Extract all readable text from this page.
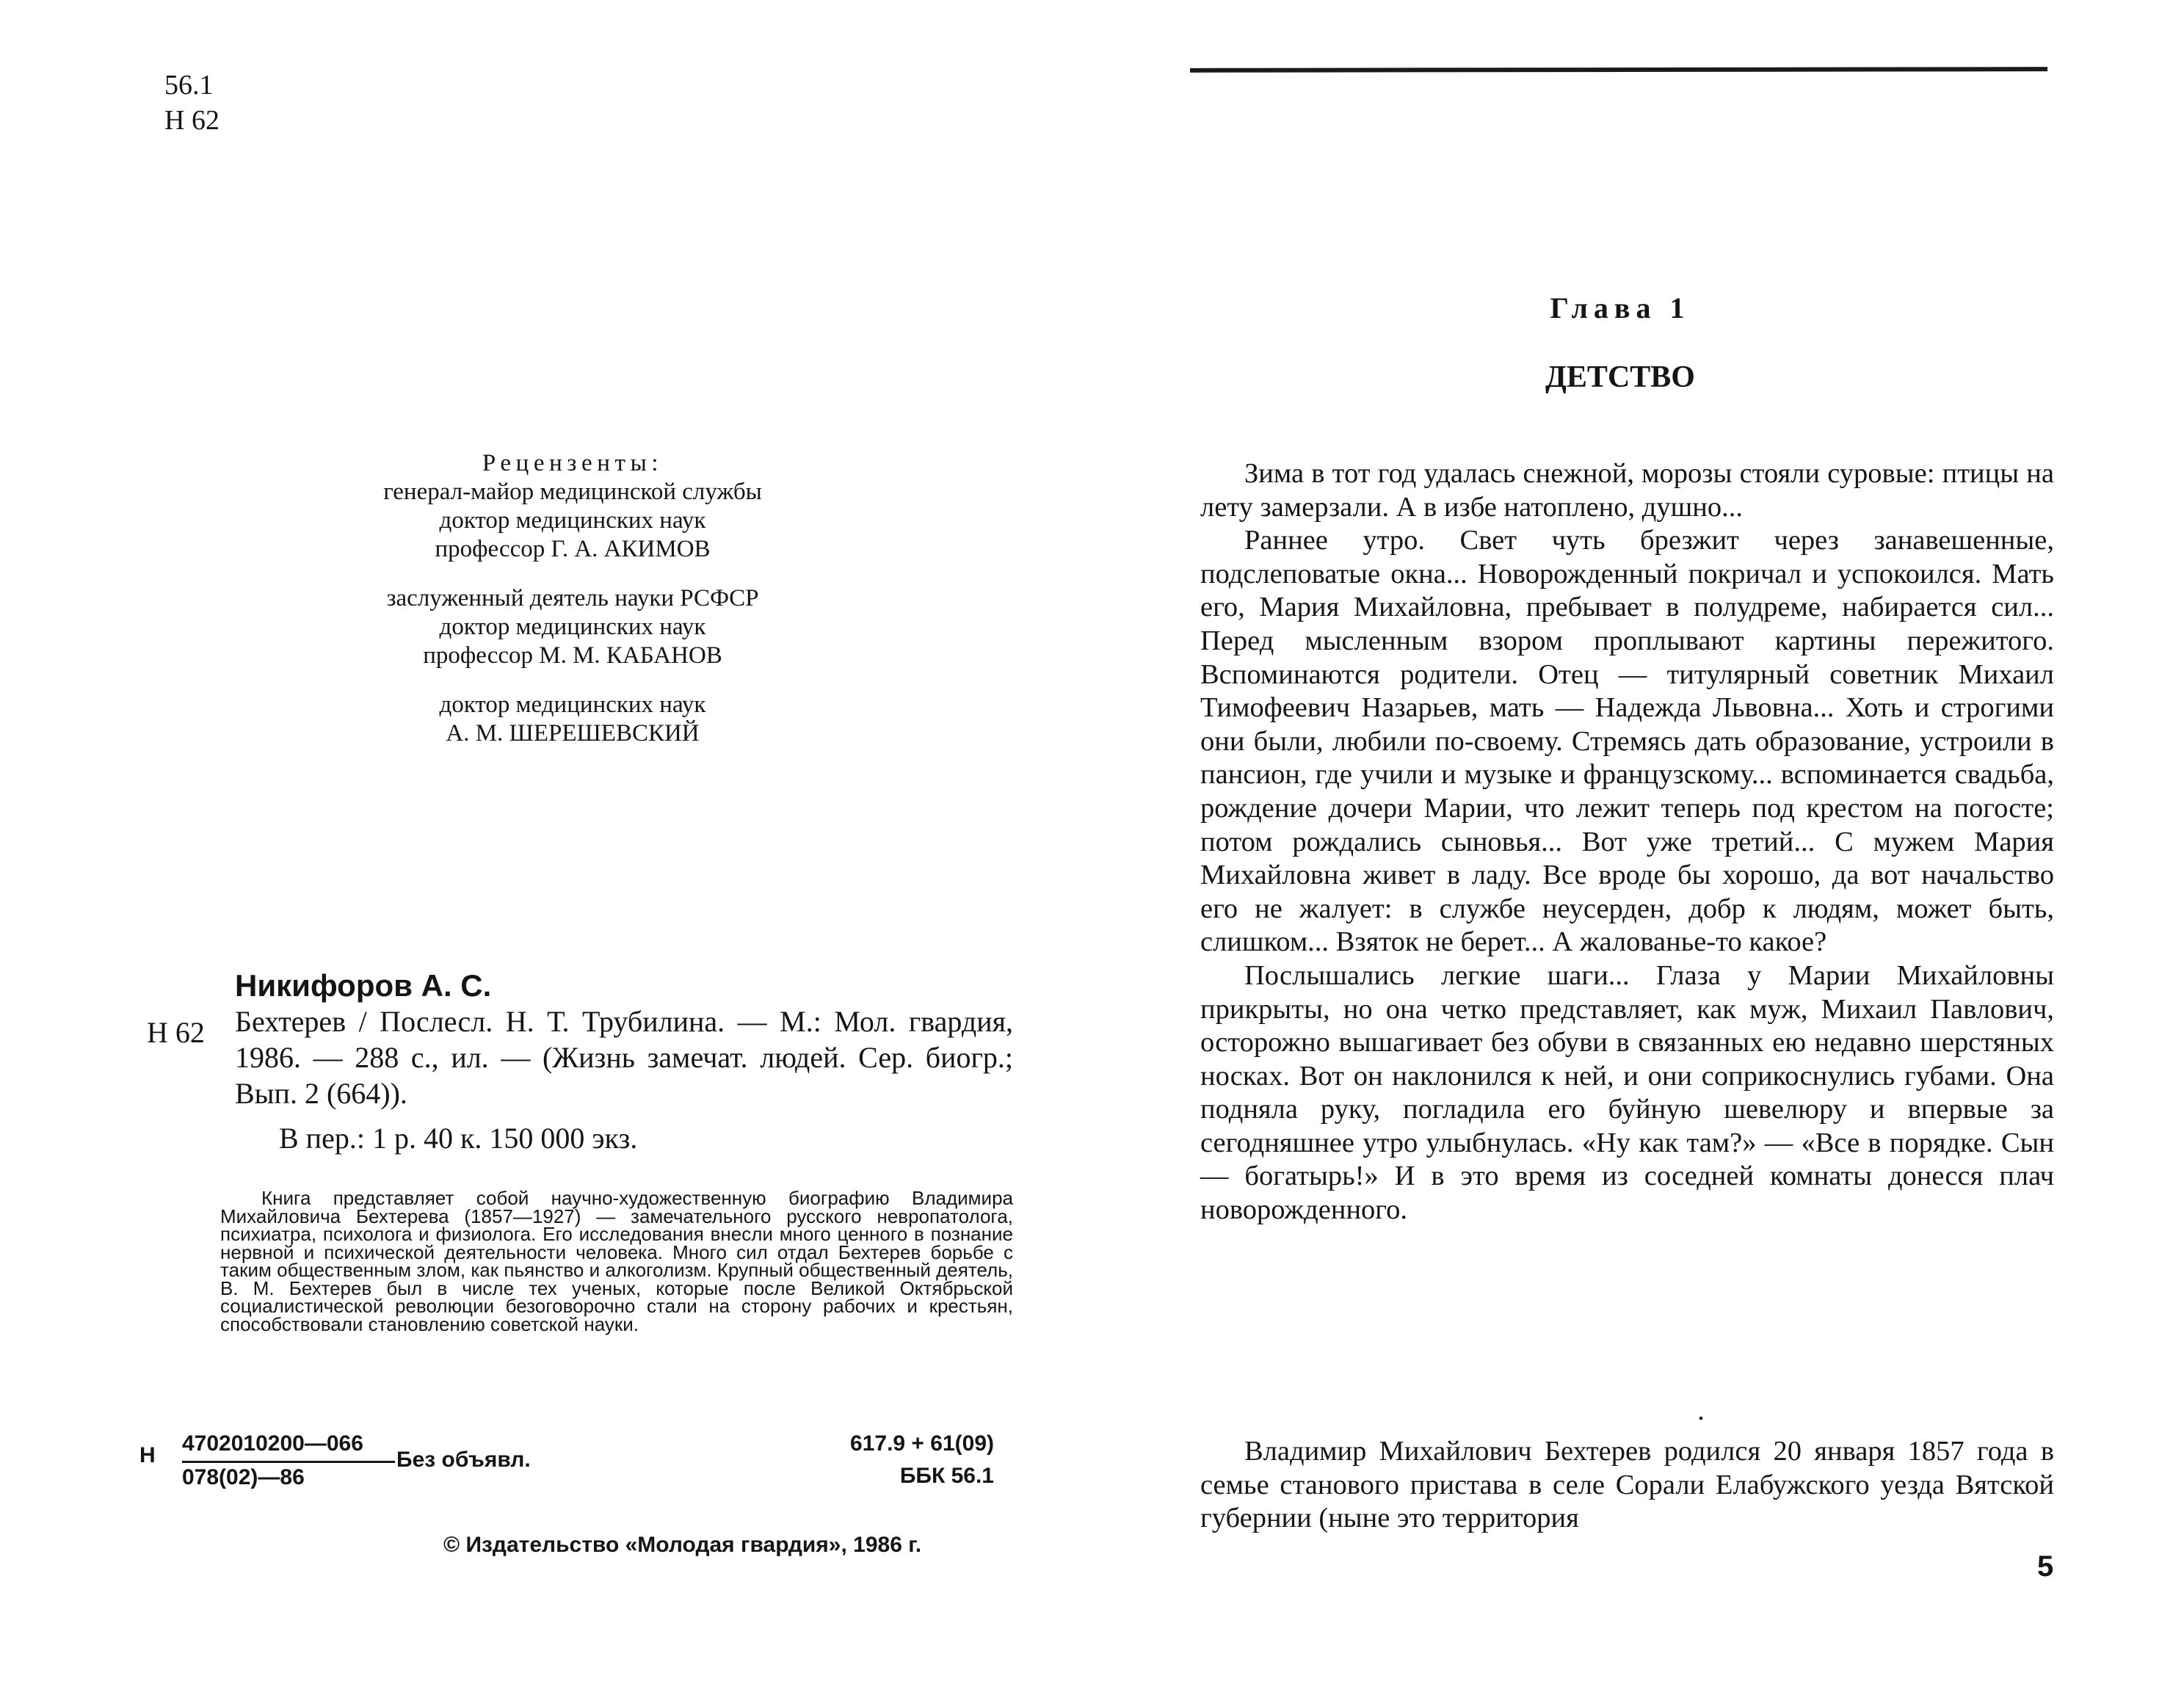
56.1
Н 62
Рецензенты:
генерал-майор медицинской службы
доктор медицинских наук
профессор Г. А. АКИМОВ
заслуженный деятель науки РСФСР
доктор медицинских наук
профессор М. М. КАБАНОВ
доктор медицинских наук
А. М. ШЕРЕШЕВСКИЙ
Никифоров А. С.
Н 62 Бехтерев / Послесл. Н. Т. Трубилина. — М.: Мол. гвардия, 1986. — 288 с., ил. — (Жизнь замечат. людей. Сер. биогр.; Вып. 2 (664)).
В пер.: 1 р. 40 к. 150 000 экз.
Книга представляет собой научно-художественную биографию Владимира Михайловича Бехтерева (1857—1927) — замечательного русского невропатолога, психиатра, психолога и физиолога. Его исследования внесли много ценного в познание нервной и психической деятельности человека. Много сил отдал Бехтерев борьбе с таким общественным злом, как пьянство и алкоголизм. Крупный общественный деятель, В. М. Бехтерев был в числе тех ученых, которые после Великой Октябрьской социалистической революции безоговорочно стали на сторону рабочих и крестьян, способствовали становлению советской науки.
Н 4702010200—066
078(02)—86
Без объявл.
617.9 + 61(09)
ББК 56.1
© Издательство «Молодая гвардия», 1986 г.
Глава 1
ДЕТСТВО

Зима в тот год удалась снежной, морозы стояли суровые: птицы на лету замерзали. А в избе натоплено, душно...

Раннее утро. Свет чуть брезжит через занавешенные, подслеповатые окна... Новорожденный покричал и успокоился. Мать его, Мария Михайловна, пребывает в полудреме, набирается сил... Перед мысленным взором проплывают картины пережитого. Вспоминаются родители. Отец — титулярный советник Михаил Тимофеевич Назарьев, мать — Надежда Львовна... Хоть и строгими они были, любили по-своему. Стремясь дать образование, устроили в пансион, где учили и музыке и французскому... вспоминается свадьба, рождение дочери Марии, что лежит теперь под крестом на погосте; потом рождались сыновья... Вот уже третий... С мужем Мария Михайловна живет в ладу. Все вроде бы хорошо, да вот начальство его не жалует: в службе неусерден, добр к людям, может быть, слишком... Взяток не берет... А жалованье-то какое?

Послышались легкие шаги... Глаза у Марии Михайловны прикрыты, но она четко представляет, как муж, Михаил Павлович, осторожно вышагивает без обуви в связанных ею недавно шерстяных носках. Вот он наклонился к ней, и они соприкоснулись губами. Она подняла руку, погладила его буйную шевелюру и впервые за сегодняшнее утро улыбнулась. «Ну как там?» — «Все в порядке. Сын — богатырь!» И в это время из соседней комнаты донесся плач новорожденного.

.

Владимир Михайлович Бехтерев родился 20 января 1857 года в семье станового пристава в селе Сорали Елабужского уезда Вятской губернии (ныне это территория

5
